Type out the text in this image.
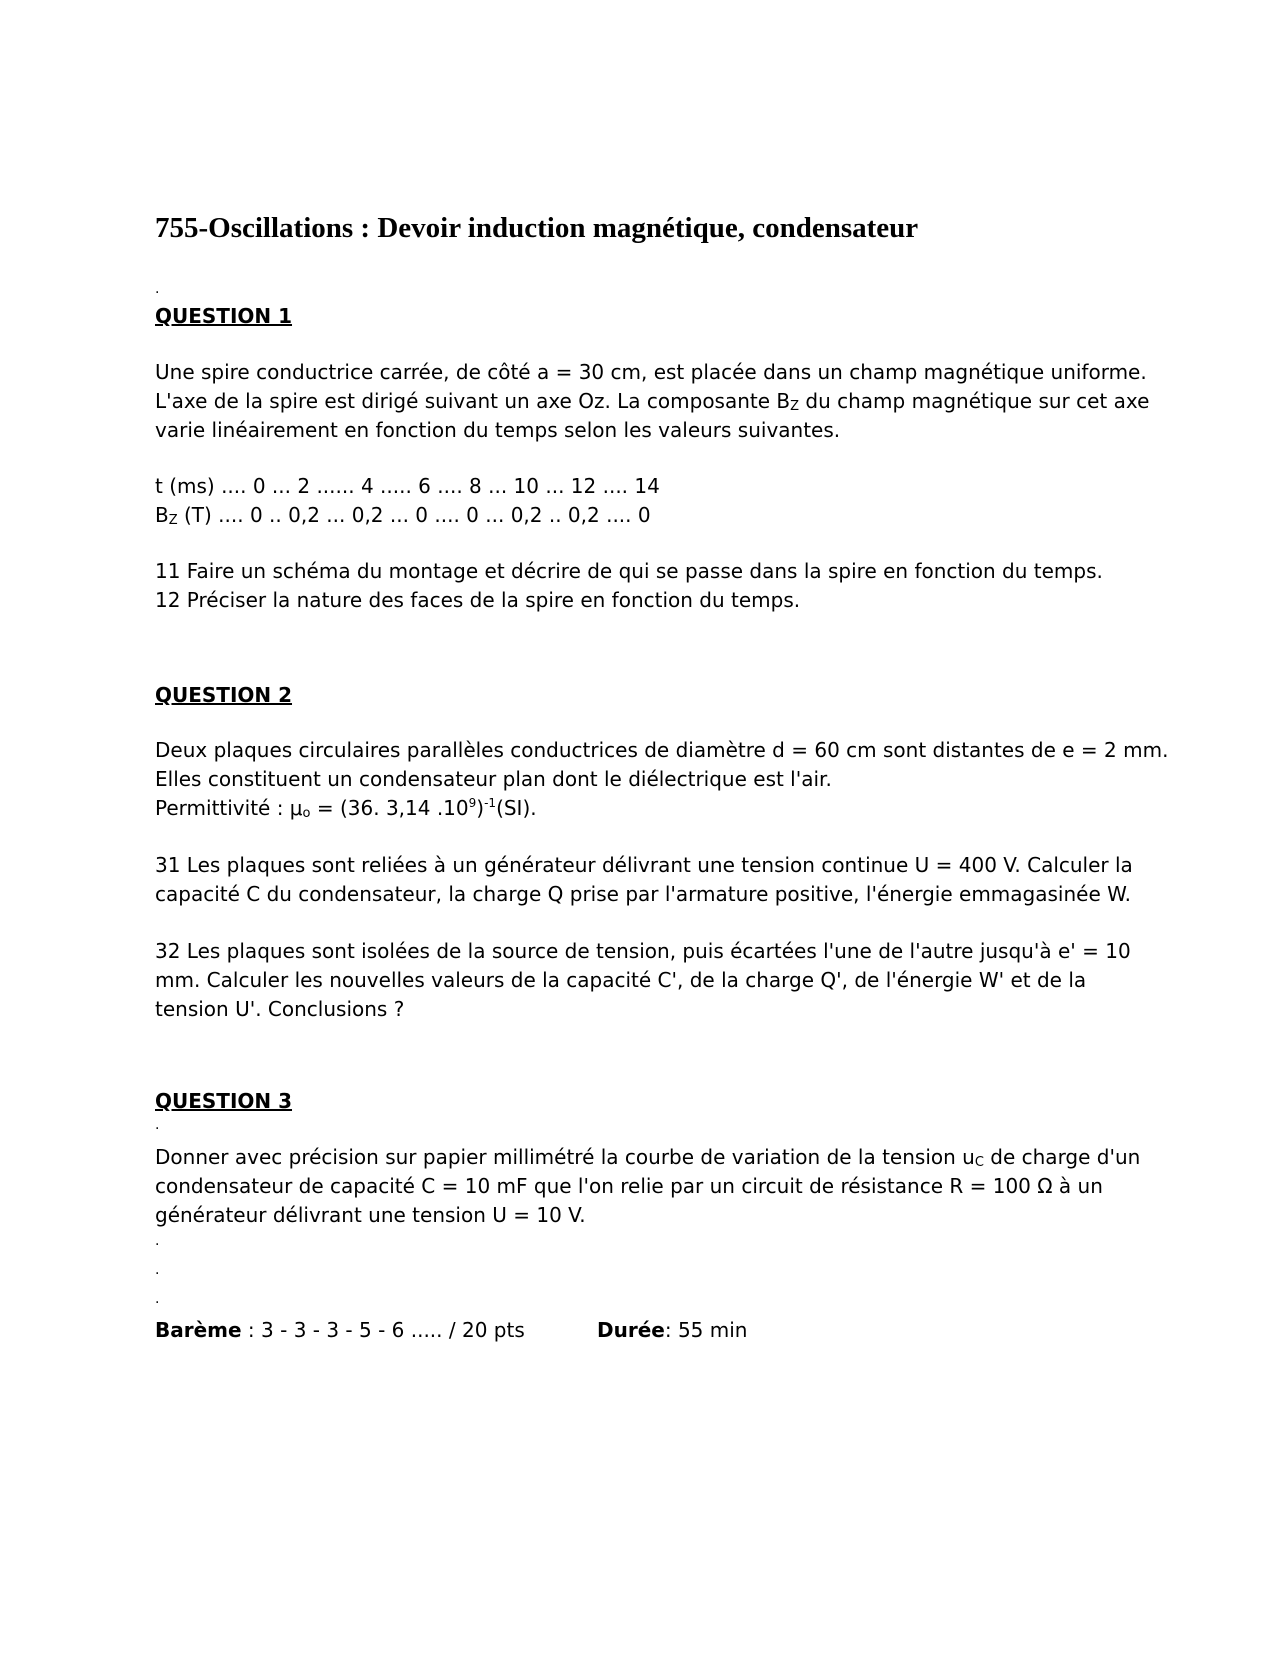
755-Oscillations : Devoir induction magnétique, condensateur

.

QUESTION 1

Une spire conductrice carrée, de côté a = 30 cm, est placée dans un champ magnétique uniforme.

L'axe de la spire est dirigé suivant un axe Oz. La composante $B_Z$ du champ magnétique sur cet axe

varie linéairement en fonction du temps selon les valeurs suivantes.

t (ms) .... 0 ... 2 ...... 4 ..... 6 .... 8 ... 10 ... 12 .... 14

$B_Z$ (T) .... 0 .. 0,2 ... 0,2 ... 0 .... 0 ... 0,2 .. 0,2 .... 0

11 Faire un schéma du montage et décrire de qui se passe dans la spire en fonction du temps.

12 Préciser la nature des faces de la spire en fonction du temps.

QUESTION 2

Deux plaques circulaires parallèles conductrices de diamètre d = 60 cm sont distantes de e = 2 mm.

Elles constituent un condensateur plan dont le diélectrique est l'air.

Permittivité : $\mu_o = (36$. 3,14 $.10^9)^{-1}(SI)$.

31 Les plaques sont reliées à un générateur délivrant une tension continue U = 400 V. Calculer la

capacité C du condensateur, la charge Q prise par l'armature positive, l'énergie emmagasinée W.

32 Les plaques sont isolées de la source de tension, puis écartées l'une de l'autre jusqu'à e' = 10

mm. Calculer les nouvelles valeurs de la capacité C', de la charge Q', de l'énergie W' et de la

tension U'. Conclusions ?

QUESTION 3

.

Donner avec précision sur papier millimétré la courbe de variation de la tension $u_C$ de charge d'un

condensateur de capacité C = 10 mF que l'on relie par un circuit de résistance R = 100 Ω à un

générateur délivrant une tension U = 10 V.

.

.

.

Barème : 3 - 3 - 3 - 5 - 6 ..... / 20 pts	Durée: 55 min
